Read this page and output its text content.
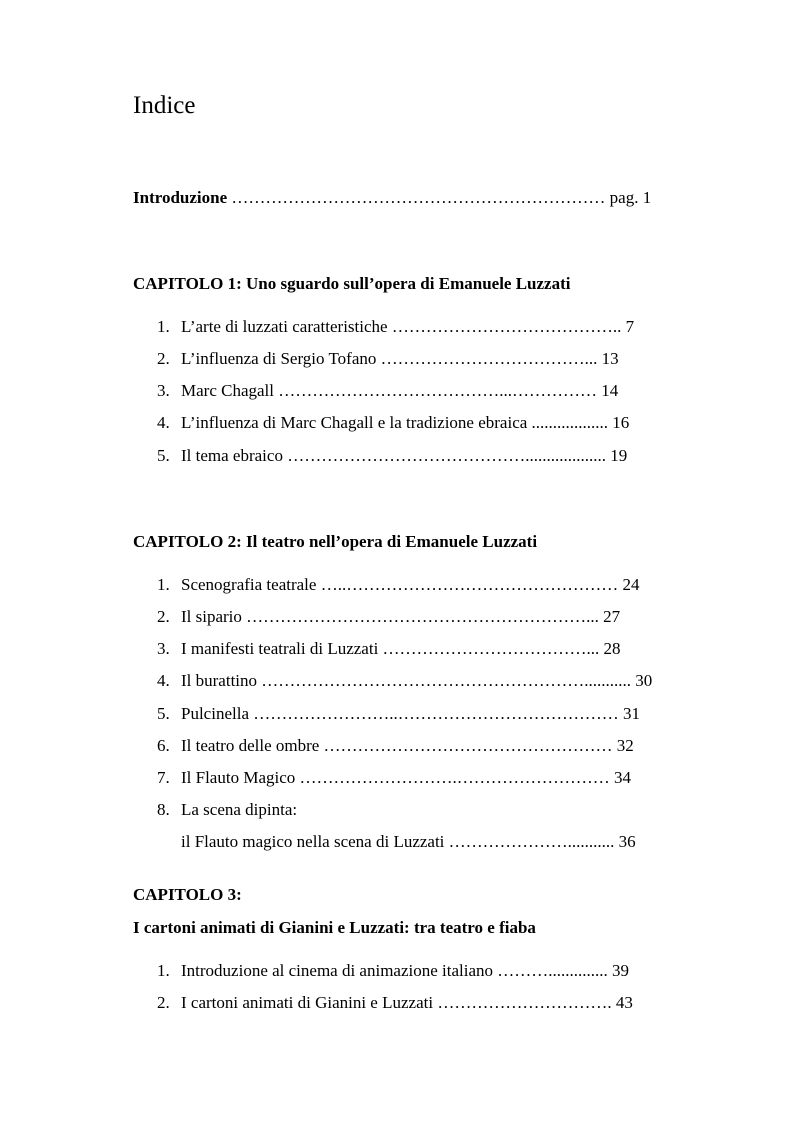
Indice
Introduzione ………………………………………………………… pag. 1
CAPITOLO 1: Uno sguardo sull’opera di Emanuele Luzzati
1. L’arte di luzzati caratteristiche ………………………………….. 7
2. L’influenza di Sergio Tofano ………………………………... 13
3. Marc Chagall …………………………………...…………… 14
4. L’influenza di Marc Chagall e la tradizione ebraica .................. 16
5. Il tema ebraico ……………………………………................... 19
CAPITOLO 2: Il teatro nell’opera di Emanuele Luzzati
1. Scenografia teatrale …..………………………………………… 24
2. Il sipario ……………………………………………………... 27
3. I manifesti teatrali di Luzzati ………………………………... 28
4. Il burattino …………………………………………………........... 30
5. Pulcinella ……………………..………………………………… 31
6. Il teatro delle ombre …………………………………………… 32
7. Il Flauto Magico ……………………….……………………… 34
8. La scena dipinta:
il Flauto magico nella scena di Luzzati …………………........... 36
CAPITOLO 3:
I cartoni animati di Gianini e Luzzati: tra teatro e fiaba
1. Introduzione al cinema di animazione italiano ……….............. 39
2. I cartoni animati di Gianini e Luzzati …………………………. 43
